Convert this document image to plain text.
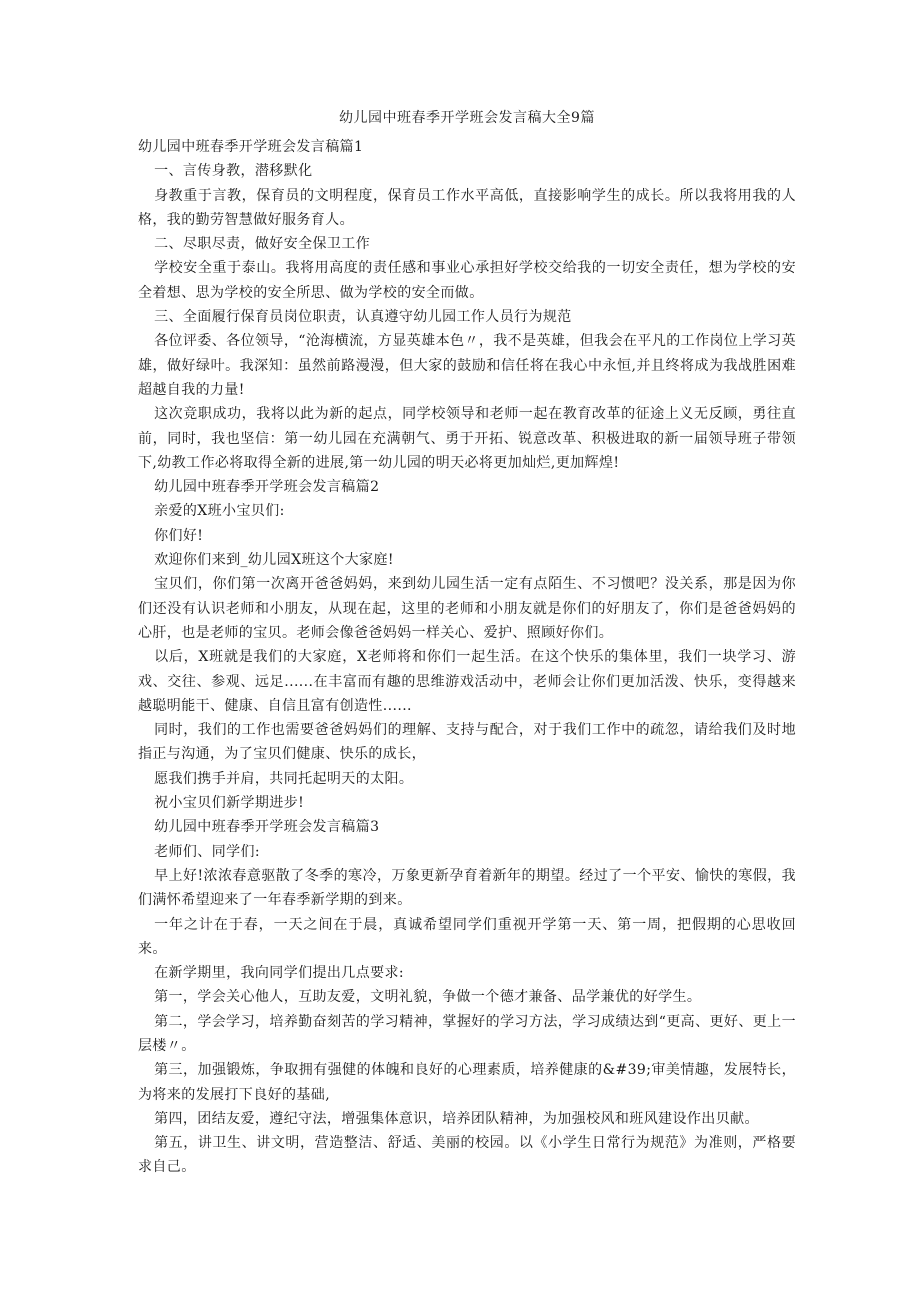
幼儿园中班春季开学班会发言稿大全9篇

幼儿园中班春季开学班会发言稿篇1

一、言传身教，潜移默化

身教重于言教，保育员的文明程度，保育员工作水平高低，直接影响学生的成长。所以我将用我的人格，我的勤劳智慧做好服务育人。

二、尽职尽责，做好安全保卫工作

学校安全重于泰山。我将用高度的责任感和事业心承担好学校交给我的一切安全责任，想为学校的安全着想、思为学校的安全所思、做为学校的安全而做。

三、全面履行保育员岗位职责，认真遵守幼儿园工作人员行为规范

各位评委、各位领导，“沧海横流，方显英雄本色〃，我不是英雄，但我会在平凡的工作岗位上学习英雄，做好绿叶。我深知：虽然前路漫漫，但大家的鼓励和信任将在我心中永恒,并且终将成为我战胜困难超越自我的力量!

这次竞职成功，我将以此为新的起点，同学校领导和老师一起在教育改革的征途上义无反顾，勇往直前，同时，我也坚信：第一幼儿园在充满朝气、勇于开拓、锐意改革、积极进取的新一届领导班子带领下,幼教工作必将取得全新的进展,第一幼儿园的明天必将更加灿烂,更加辉煌!

幼儿园中班春季开学班会发言稿篇2

亲爱的X班小宝贝们:

你们好!

欢迎你们来到_幼儿园X班这个大家庭!

宝贝们，你们第一次离开爸爸妈妈，来到幼儿园生活一定有点陌生、不习惯吧？没关系，那是因为你们还没有认识老师和小朋友，从现在起，这里的老师和小朋友就是你们的好朋友了，你们是爸爸妈妈的心肝，也是老师的宝贝。老师会像爸爸妈妈一样关心、爱护、照顾好你们。

以后，X班就是我们的大家庭，X老师将和你们一起生活。在这个快乐的集体里，我们一块学习、游戏、交往、参观、远足......在丰富而有趣的思维游戏活动中，老师会让你们更加活泼、快乐，变得越来越聪明能干、健康、自信且富有创造性......

同时，我们的工作也需要爸爸妈妈们的理解、支持与配合，对于我们工作中的疏忽，请给我们及时地指正与沟通，为了宝贝们健康、快乐的成长，

愿我们携手并肩，共同托起明天的太阳。

祝小宝贝们新学期进步!

幼儿园中班春季开学班会发言稿篇3

老师们、同学们:

早上好!浓浓春意驱散了冬季的寒冷，万象更新孕育着新年的期望。经过了一个平安、愉快的寒假，我们满怀希望迎来了一年春季新学期的到来。

一年之计在于春，一天之间在于晨，真诚希望同学们重视开学第一天、第一周，把假期的心思收回来。

在新学期里，我向同学们提出几点要求:

第一，学会关心他人，互助友爱，文明礼貌，争做一个德才兼备、品学兼优的好学生。

第二，学会学习，培养勤奋刻苦的学习精神，掌握好的学习方法，学习成绩达到“更高、更好、更上一层楼〃。

第三，加强锻炼，争取拥有强健的体魄和良好的心理素质，培养健康的&#39;审美情趣，发展特长，为将来的发展打下良好的基础,

第四，团结友爱，遵纪守法，增强集体意识，培养团队精神，为加强校风和班风建设作出贝献。

第五，讲卫生、讲文明，营造整洁、舒适、美丽的校园。以《小学生日常行为规范》为准则，严格要求自己。
